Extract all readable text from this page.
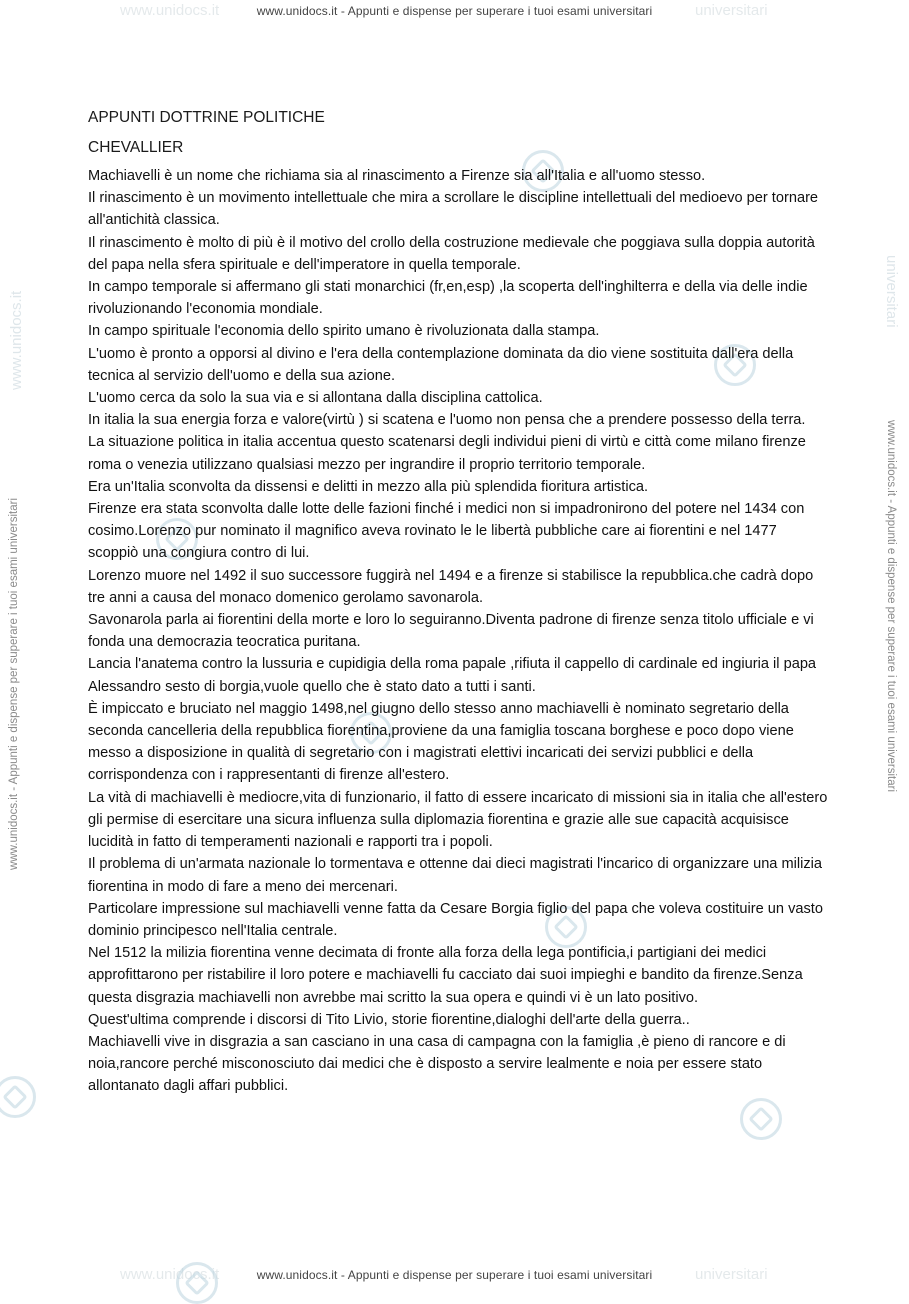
www.unidocs.it	universitari
www.unidocs.it - Appunti e dispense per superare i tuoi esami universitari
www.unidocs.it	universitari
www.unidocs.it - Appunti e dispense per superare i tuoi esami universitari
www.unidocs.it
www.unidocs.it - Appunti e dispense per superare i tuoi esami universitari	www.unidocs.it - Appunti e dispense per superare i tuoi esami universitari
universitari

APPUNTI DOTTRINE POLITICHE

CHEVALLIER

Machiavelli è un nome che richiama sia al rinascimento a Firenze sia all'Italia e all'uomo stesso.

Il rinascimento è un movimento intellettuale che mira a scrollare le discipline intellettuali del medioevo per tornare all'antichità classica.

Il rinascimento è molto di più è il motivo del crollo della costruzione medievale che poggiava sulla doppia autorità del papa nella sfera spirituale e dell'imperatore in quella temporale.

In campo temporale si affermano gli stati monarchici (fr,en,esp) ,la scoperta dell'inghilterra e della via delle indie rivoluzionando l'economia mondiale.

In campo spirituale l'economia dello spirito umano è rivoluzionata dalla stampa.

L'uomo è pronto a opporsi al divino e l'era della contemplazione dominata da dio viene sostituita dall'era della tecnica al servizio dell'uomo e della sua azione.

L'uomo cerca da solo la sua via e si allontana dalla disciplina cattolica.

In italia la sua energia forza e valore(virtù ) si scatena e l'uomo non pensa che a prendere possesso della terra.

La situazione politica in italia accentua questo scatenarsi degli individui pieni di virtù e città come milano firenze roma o venezia utilizzano qualsiasi mezzo per ingrandire il proprio territorio temporale.

Era un'Italia sconvolta da dissensi e delitti in mezzo alla più splendida fioritura artistica.

Firenze era stata sconvolta dalle lotte delle fazioni finché i medici non si impadronirono del potere nel 1434 con cosimo.Lorenzo pur nominato il magnifico aveva rovinato le le libertà pubbliche care ai fiorentini e nel 1477 scoppiò una congiura contro di lui.

Lorenzo muore nel 1492 il suo successore fuggirà nel 1494 e a firenze si stabilisce la repubblica.che cadrà dopo tre anni a causa del monaco domenico gerolamo savonarola.

Savonarola parla ai fiorentini della morte e loro lo seguiranno.Diventa padrone di firenze senza titolo ufficiale e vi fonda una democrazia teocratica puritana.

Lancia l'anatema contro la lussuria e cupidigia della roma papale ,rifiuta il cappello di cardinale ed ingiuria il papa Alessandro sesto di borgia,vuole quello che è stato dato a tutti i santi.

È impiccato e bruciato nel maggio 1498,nel giugno dello stesso anno machiavelli è nominato segretario della seconda cancelleria della repubblica fiorentina,proviene da una famiglia toscana borghese e poco dopo viene messo a disposizione in qualità di segretario con i magistrati elettivi incaricati dei servizi pubblici e della corrispondenza con i rappresentanti di firenze all'estero.

La vità di machiavelli è mediocre,vita di funzionario, il fatto di essere incaricato di missioni sia in italia che all'estero gli permise di esercitare una sicura influenza sulla diplomazia fiorentina e grazie alle sue capacità acquisisce lucidità in fatto di temperamenti nazionali e rapporti tra i popoli.

Il problema di un'armata nazionale lo tormentava e ottenne dai dieci magistrati l'incarico di organizzare una milizia fiorentina in modo di fare a meno dei mercenari.

Particolare impressione sul machiavelli venne fatta da Cesare Borgia figlio del papa che voleva costituire un vasto dominio principesco nell'Italia centrale.

Nel 1512 la milizia fiorentina venne decimata di fronte alla forza della lega pontificia,i partigiani dei medici approfittarono per ristabilire il loro potere e machiavelli fu cacciato dai suoi impieghi e bandito da firenze.Senza questa disgrazia machiavelli non avrebbe mai scritto la sua opera e quindi vi è un lato positivo.

Quest'ultima comprende i discorsi di Tito Livio, storie fiorentine,dialoghi dell'arte della guerra..

Machiavelli vive in disgrazia a san casciano in una casa di campagna con la famiglia ,è pieno di rancore e di noia,rancore perché misconosciuto dai medici che è disposto a servire lealmente e noia per essere stato allontanato dagli affari pubblici.
